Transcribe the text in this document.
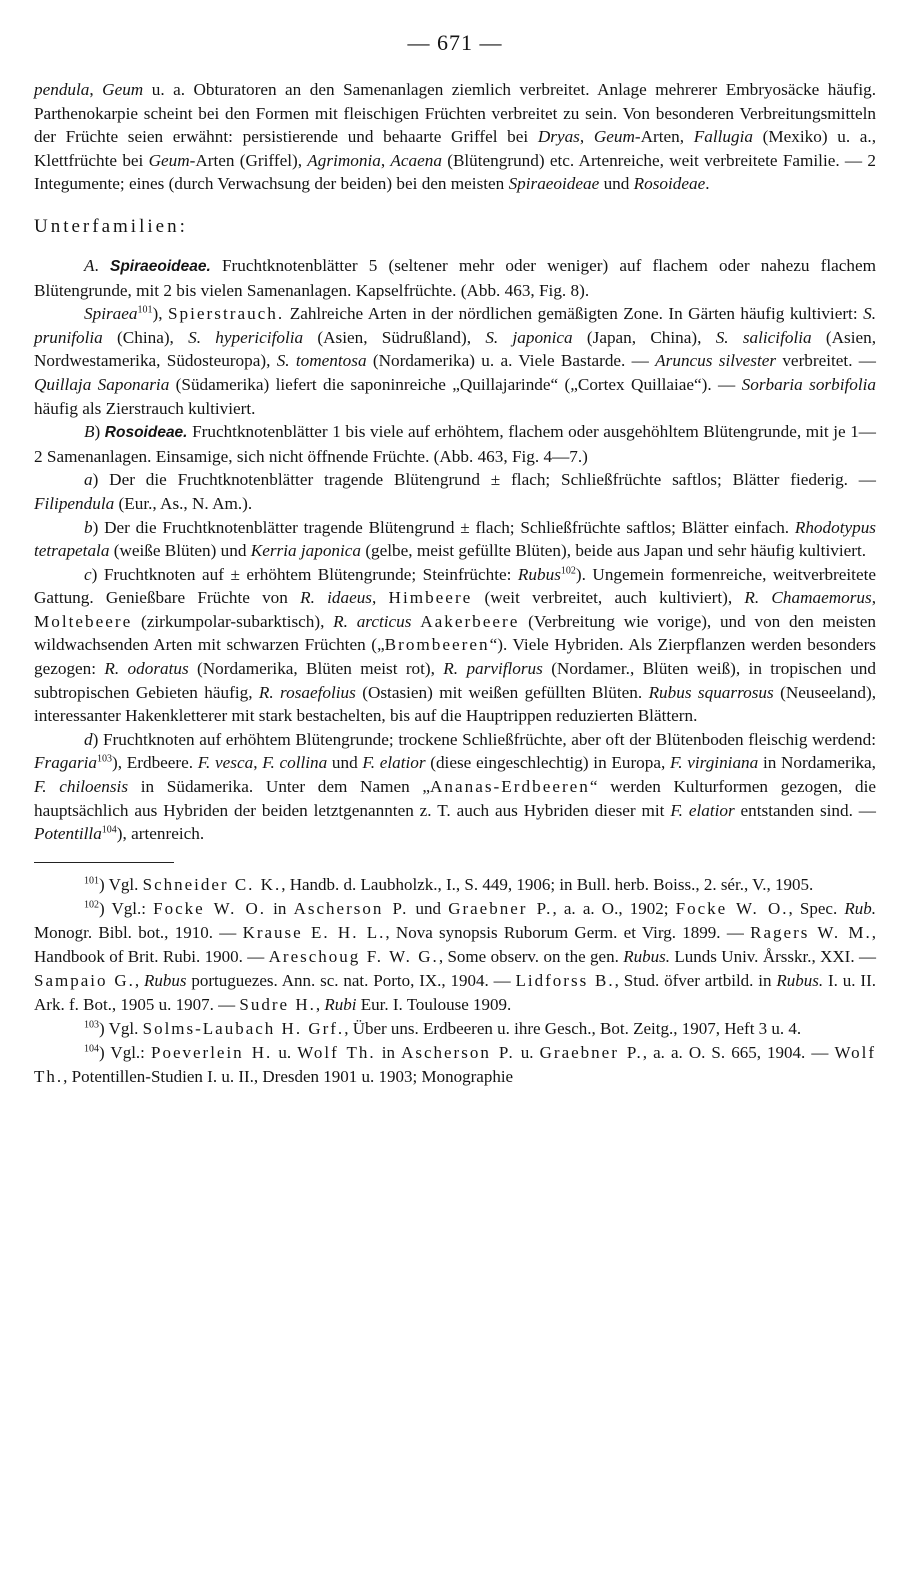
— 671 —

pendula, Geum u. a. Obturatoren an den Samenanlagen ziemlich verbreitet. Anlage mehrerer Embryosäcke häufig. Parthenokarpie scheint bei den Formen mit fleischigen Früchten verbreitet zu sein. Von besonderen Verbreitungsmitteln der Früchte seien erwähnt: persistierende und behaarte Griffel bei Dryas, Geum-Arten, Fallugia (Mexiko) u. a., Klettfrüchte bei Geum-Arten (Griffel), Agrimonia, Acaena (Blütengrund) etc. Artenreiche, weit verbreitete Familie. — 2 Integumente; eines (durch Verwachsung der beiden) bei den meisten Spiraeoideae und Rosoideae.

Unterfamilien:

A. Spiraeoideae. Fruchtknotenblätter 5 (seltener mehr oder weniger) auf flachem oder nahezu flachem Blütengrunde, mit 2 bis vielen Samenanlagen. Kapselfrüchte. (Abb. 463, Fig. 8).

Spiraea$^{101}$), Spierstrauch. Zahlreiche Arten in der nördlichen gemäßigten Zone. In Gärten häufig kultiviert: S. prunifolia (China), S. hypericifolia (Asien, Südrußland), S. japonica (Japan, China), S. salicifolia (Asien, Nordwestamerika, Südosteuropa), S. tomentosa (Nordamerika) u. a. Viele Bastarde. — Aruncus silvester verbreitet. — Quillaja Saponaria (Südamerika) liefert die saponinreiche „Quillajarinde“ („Cortex Quillaiae“). — Sorbaria sorbifolia häufig als Zierstrauch kultiviert.

B) Rosoideae. Fruchtknotenblätter 1 bis viele auf erhöhtem, flachem oder ausgehöhltem Blütengrunde, mit je 1—2 Samenanlagen. Einsamige, sich nicht öffnende Früchte. (Abb. 463, Fig. 4—7.)

a) Der die Fruchtknotenblätter tragende Blütengrund ± flach; Schließfrüchte saftlos; Blätter fiederig. — Filipendula (Eur., As., N. Am.).

b) Der die Fruchtknotenblätter tragende Blütengrund ± flach; Schließfrüchte saftlos; Blätter einfach. Rhodotypus tetrapetala (weiße Blüten) und Kerria japonica (gelbe, meist gefüllte Blüten), beide aus Japan und sehr häufig kultiviert.

c) Fruchtknoten auf ± erhöhtem Blütengrunde; Steinfrüchte: Rubus$^{102}$). Ungemein formenreiche, weitverbreitete Gattung. Genießbare Früchte von R. idaeus, Himbeere (weit verbreitet, auch kultiviert), R. Chamaemorus, Moltebeere (zirkumpolar-subarktisch), R. arcticus Aakerbeere (Verbreitung wie vorige), und von den meisten wildwachsenden Arten mit schwarzen Früchten („Brombeeren“). Viele Hybriden. Als Zierpflanzen werden besonders gezogen: R. odoratus (Nordamerika, Blüten meist rot), R. parviflorus (Nordamer., Blüten weiß), in tropischen und subtropischen Gebieten häufig, R. rosaefolius (Ostasien) mit weißen gefüllten Blüten. Rubus squarrosus (Neuseeland), interessanter Hakenkletterer mit stark bestachelten, bis auf die Hauptrippen reduzierten Blättern.

d) Fruchtknoten auf erhöhtem Blütengrunde; trockene Schließfrüchte, aber oft der Blütenboden fleischig werdend: Fragaria$^{103}$), Erdbeere. F. vesca, F. collina und F. elatior (diese eingeschlechtig) in Europa, F. virginiana in Nordamerika, F. chiloensis in Südamerika. Unter dem Namen „Ananas-Erdbeeren“ werden Kulturformen gezogen, die hauptsächlich aus Hybriden der beiden letztgenannten z. T. auch aus Hybriden dieser mit F. elatior entstanden sind. — Potentilla$^{104}$), artenreich.

$^{101}$) Vgl. Schneider C. K., Handb. d. Laubholzk., I., S. 449, 1906; in Bull. herb. Boiss., 2. sér., V., 1905.

$^{102}$) Vgl.: Focke W. O. in Ascherson P. und Graebner P., a. a. O., 1902; Focke W. O., Spec. Rub. Monogr. Bibl. bot., 1910. — Krause E. H. L., Nova synopsis Ruborum Germ. et Virg. 1899. — Ragers W. M., Handbook of Brit. Rubi. 1900. — Areschoug F. W. G., Some observ. on the gen. Rubus. Lunds Univ. Årsskr., XXI. — Sampaio G., Rubus portuguezes. Ann. sc. nat. Porto, IX., 1904. — Lidforss B., Stud. öfver artbild. in Rubus. I. u. II. Ark. f. Bot., 1905 u. 1907. — Sudre H., Rubi Eur. I. Toulouse 1909.

$^{103}$) Vgl. Solms-Laubach H. Grf., Über uns. Erdbeeren u. ihre Gesch., Bot. Zeitg., 1907, Heft 3 u. 4.

$^{104}$) Vgl.: Poeverlein H. u. Wolf Th. in Ascherson P. u. Graebner P., a. a. O. S. 665, 1904. — Wolf Th., Potentillen-Studien I. u. II., Dresden 1901 u. 1903; Monographie
